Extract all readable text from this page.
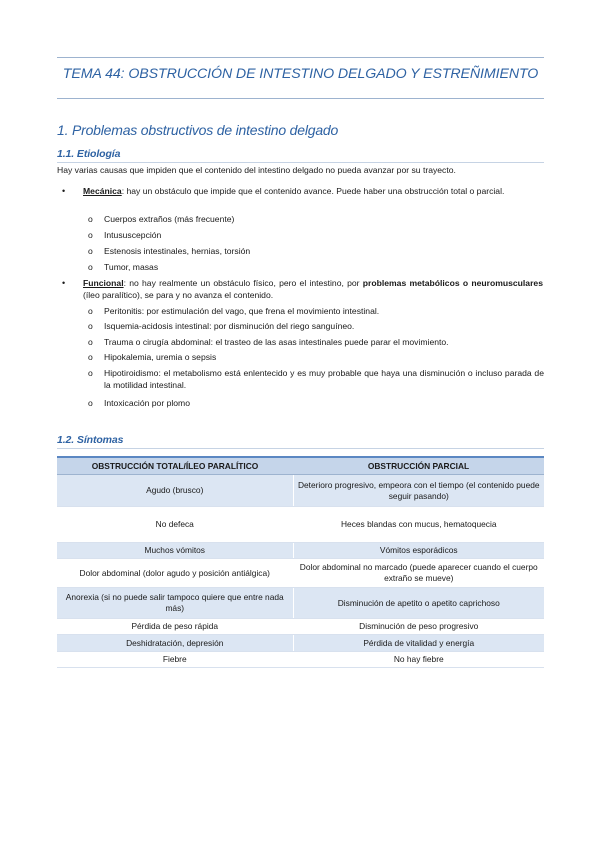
TEMA 44: OBSTRUCCIÓN DE INTESTINO DELGADO Y ESTREÑIMIENTO
1. Problemas obstructivos de intestino delgado
1.1. Etiología
Hay varias causas que impiden que el contenido del intestino delgado no pueda avanzar por su trayecto.
• Mecánica: hay un obstáculo que impide que el contenido avance. Puede haber una obstrucción total o parcial.
o Cuerpos extraños (más frecuente)
o Intususcepción
o Estenosis intestinales, hernias, torsión
o Tumor, masas
• Funcional: no hay realmente un obstáculo físico, pero el intestino, por problemas metabólicos o neuromusculares (íleo paralítico), se para y no avanza el contenido.
o Peritonitis: por estimulación del vago, que frena el movimiento intestinal.
o Isquemia-acidosis intestinal: por disminución del riego sanguíneo.
o Trauma o cirugía abdominal: el trasteo de las asas intestinales puede parar el movimiento.
o Hipokalemia, uremia o sepsis
o Hipotiroidismo: el metabolismo está enlentecido y es muy probable que haya una disminución o incluso parada de la motilidad intestinal.
o Intoxicación por plomo
1.2. Síntomas
OBSTRUCCIÓN TOTAL/ÍLEO PARALÍTICO	OBSTRUCCIÓN PARCIAL
Agudo (brusco)	Deterioro progresivo, empeora con el tiempo (el contenido puede seguir pasando)
No defeca	Heces blandas con mucus, hematoquecia
Muchos vómitos	Vómitos esporádicos
Dolor abdominal (dolor agudo y posición antiálgica)	Dolor abdominal no marcado (puede aparecer cuando el cuerpo extraño se mueve)
Anorexia (si no puede salir tampoco quiere que entre nada más)	Disminución de apetito o apetito caprichoso
Pérdida de peso rápida	Disminución de peso progresivo
Deshidratación, depresión	Pérdida de vitalidad y energía
Fiebre	No hay fiebre
